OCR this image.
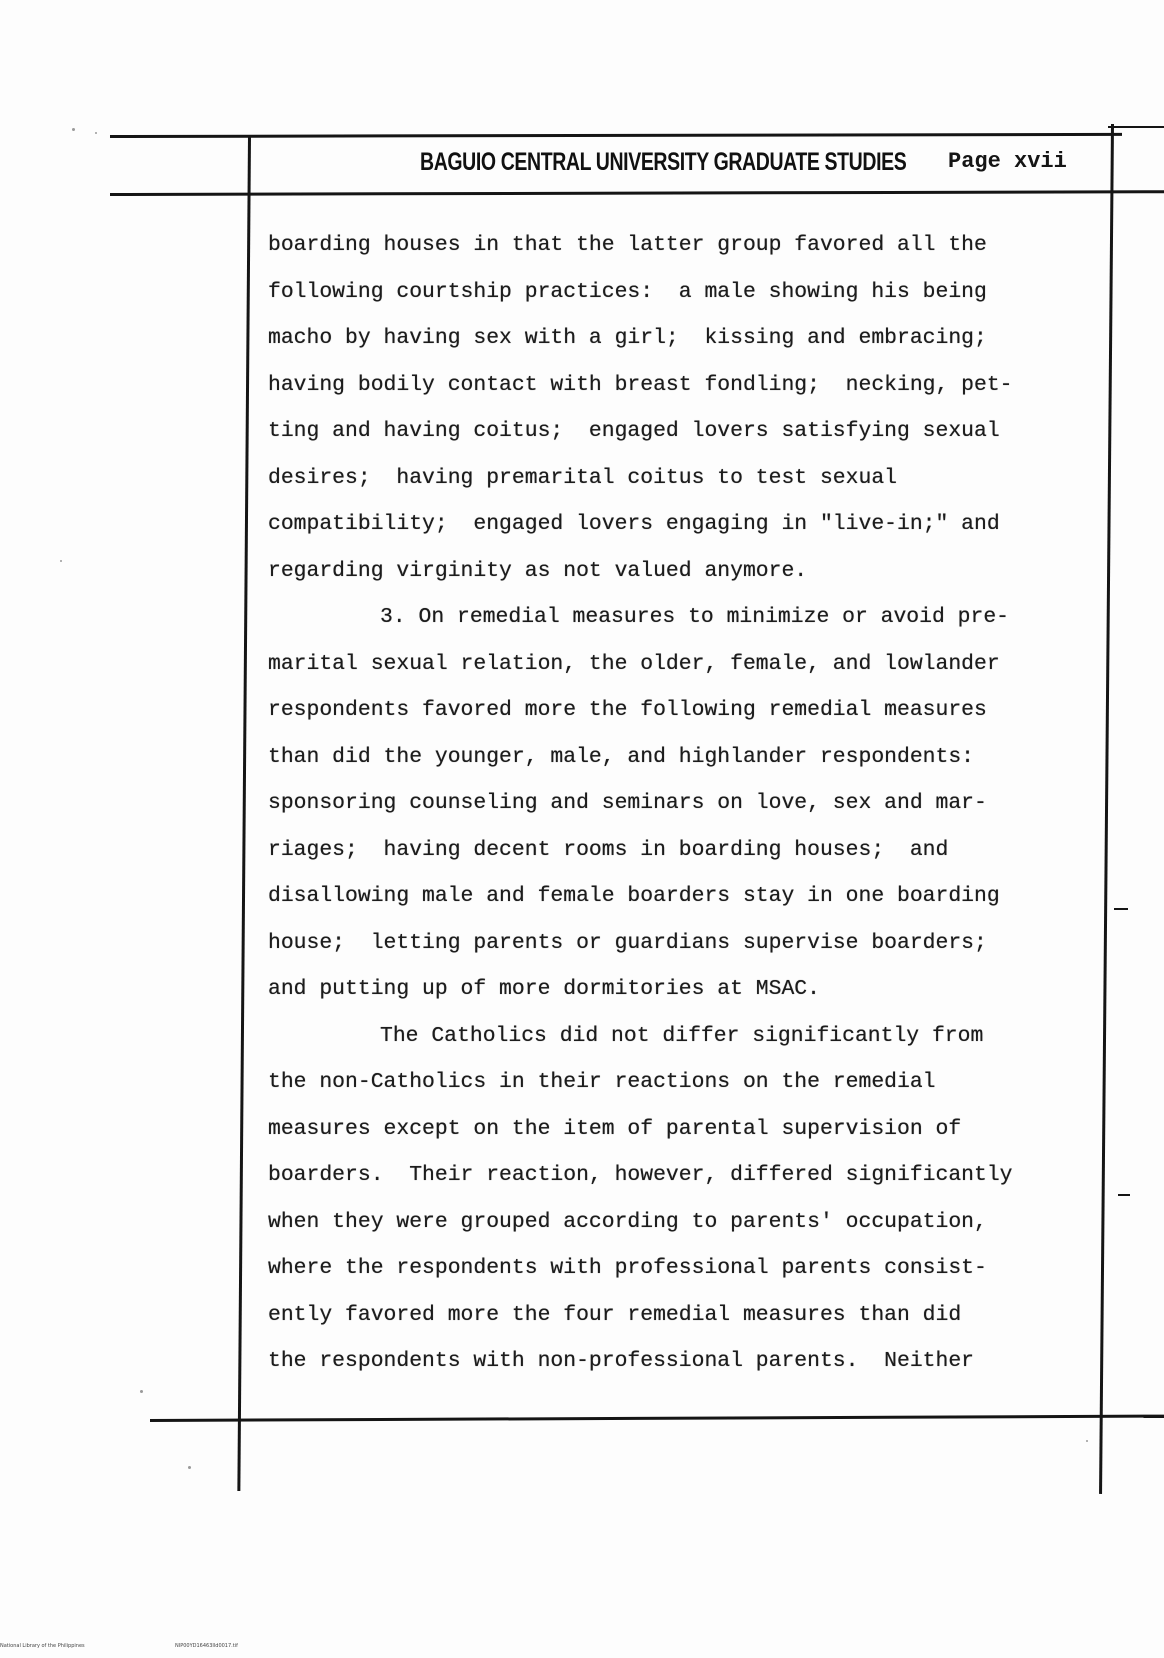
BAGUIO CENTRAL UNIVERSITY GRADUATE STUDIES Page xvii
boarding houses in that the latter group favored all the
following courtship practices:  a male showing his being
macho by having sex with a girl;  kissing and embracing;
having bodily contact with breast fondling;  necking, pet-
ting and having coitus;  engaged lovers satisfying sexual
desires;  having premarital coitus to test sexual
compatibility;  engaged lovers engaging in "live-in;" and
regarding virginity as not valued anymore.
3. On remedial measures to minimize or avoid pre-
marital sexual relation, the older, female, and lowlander
respondents favored more the following remedial measures
than did the younger, male, and highlander respondents:
sponsoring counseling and seminars on love, sex and mar-
riages;  having decent rooms in boarding houses;  and
disallowing male and female boarders stay in one boarding
house;  letting parents or guardians supervise boarders;
and putting up of more dormitories at MSAC.
The Catholics did not differ significantly from
the non-Catholics in their reactions on the remedial
measures except on the item of parental supervision of
boarders.  Their reaction, however, differed significantly
when they were grouped according to parents' occupation,
where the respondents with professional parents consist-
ently favored more the four remedial measures than did
the respondents with non-professional parents.  Neither
National Library of the Philippines	NIP00YD16463Ild0017.tif
